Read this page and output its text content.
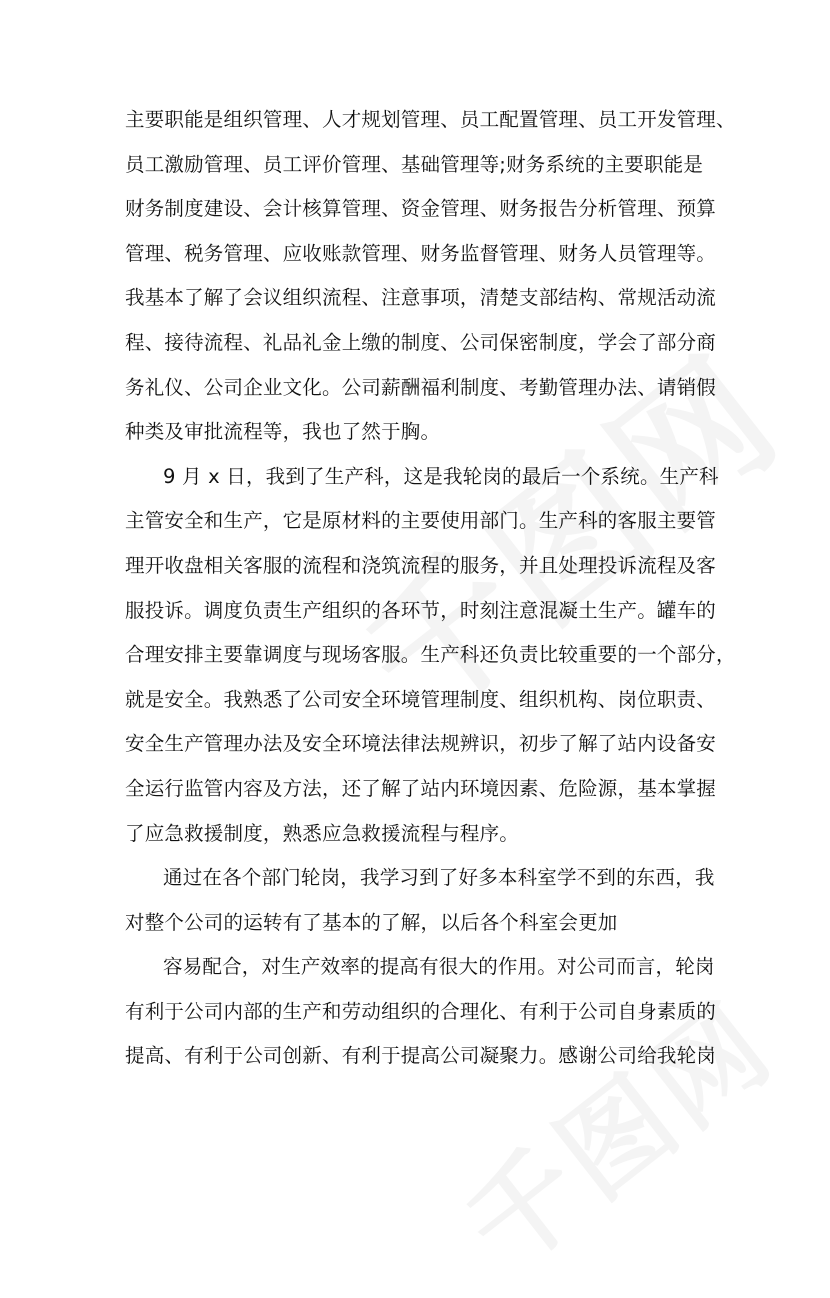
主要职能是组织管理、人才规划管理、员工配置管理、员工开发管理、
员工激励管理、员工评价管理、基础管理等;财务系统的主要职能是
财务制度建设、会计核算管理、资金管理、财务报告分析管理、预算
管理、税务管理、应收账款管理、财务监督管理、财务人员管理等。
我基本了解了会议组织流程、注意事项，清楚支部结构、常规活动流
程、接待流程、礼品礼金上缴的制度、公司保密制度，学会了部分商
务礼仪、公司企业文化。公司薪酬福利制度、考勤管理办法、请销假
种类及审批流程等，我也了然于胸。
9 月 x 日，我到了生产科，这是我轮岗的最后一个系统。生产科
主管安全和生产，它是原材料的主要使用部门。生产科的客服主要管
理开收盘相关客服的流程和浇筑流程的服务，并且处理投诉流程及客
服投诉。调度负责生产组织的各环节，时刻注意混凝土生产。罐车的
合理安排主要靠调度与现场客服。生产科还负责比较重要的一个部分，
就是安全。我熟悉了公司安全环境管理制度、组织机构、岗位职责、
安全生产管理办法及安全环境法律法规辨识，初步了解了站内设备安
全运行监管内容及方法，还了解了站内环境因素、危险源，基本掌握
了应急救援制度，熟悉应急救援流程与程序。
通过在各个部门轮岗，我学习到了好多本科室学不到的东西，我
对整个公司的运转有了基本的了解，以后各个科室会更加
容易配合，对生产效率的提高有很大的作用。对公司而言，轮岗
有利于公司内部的生产和劳动组织的合理化、有利于公司自身素质的
提高、有利于公司创新、有利于提高公司凝聚力。感谢公司给我轮岗
